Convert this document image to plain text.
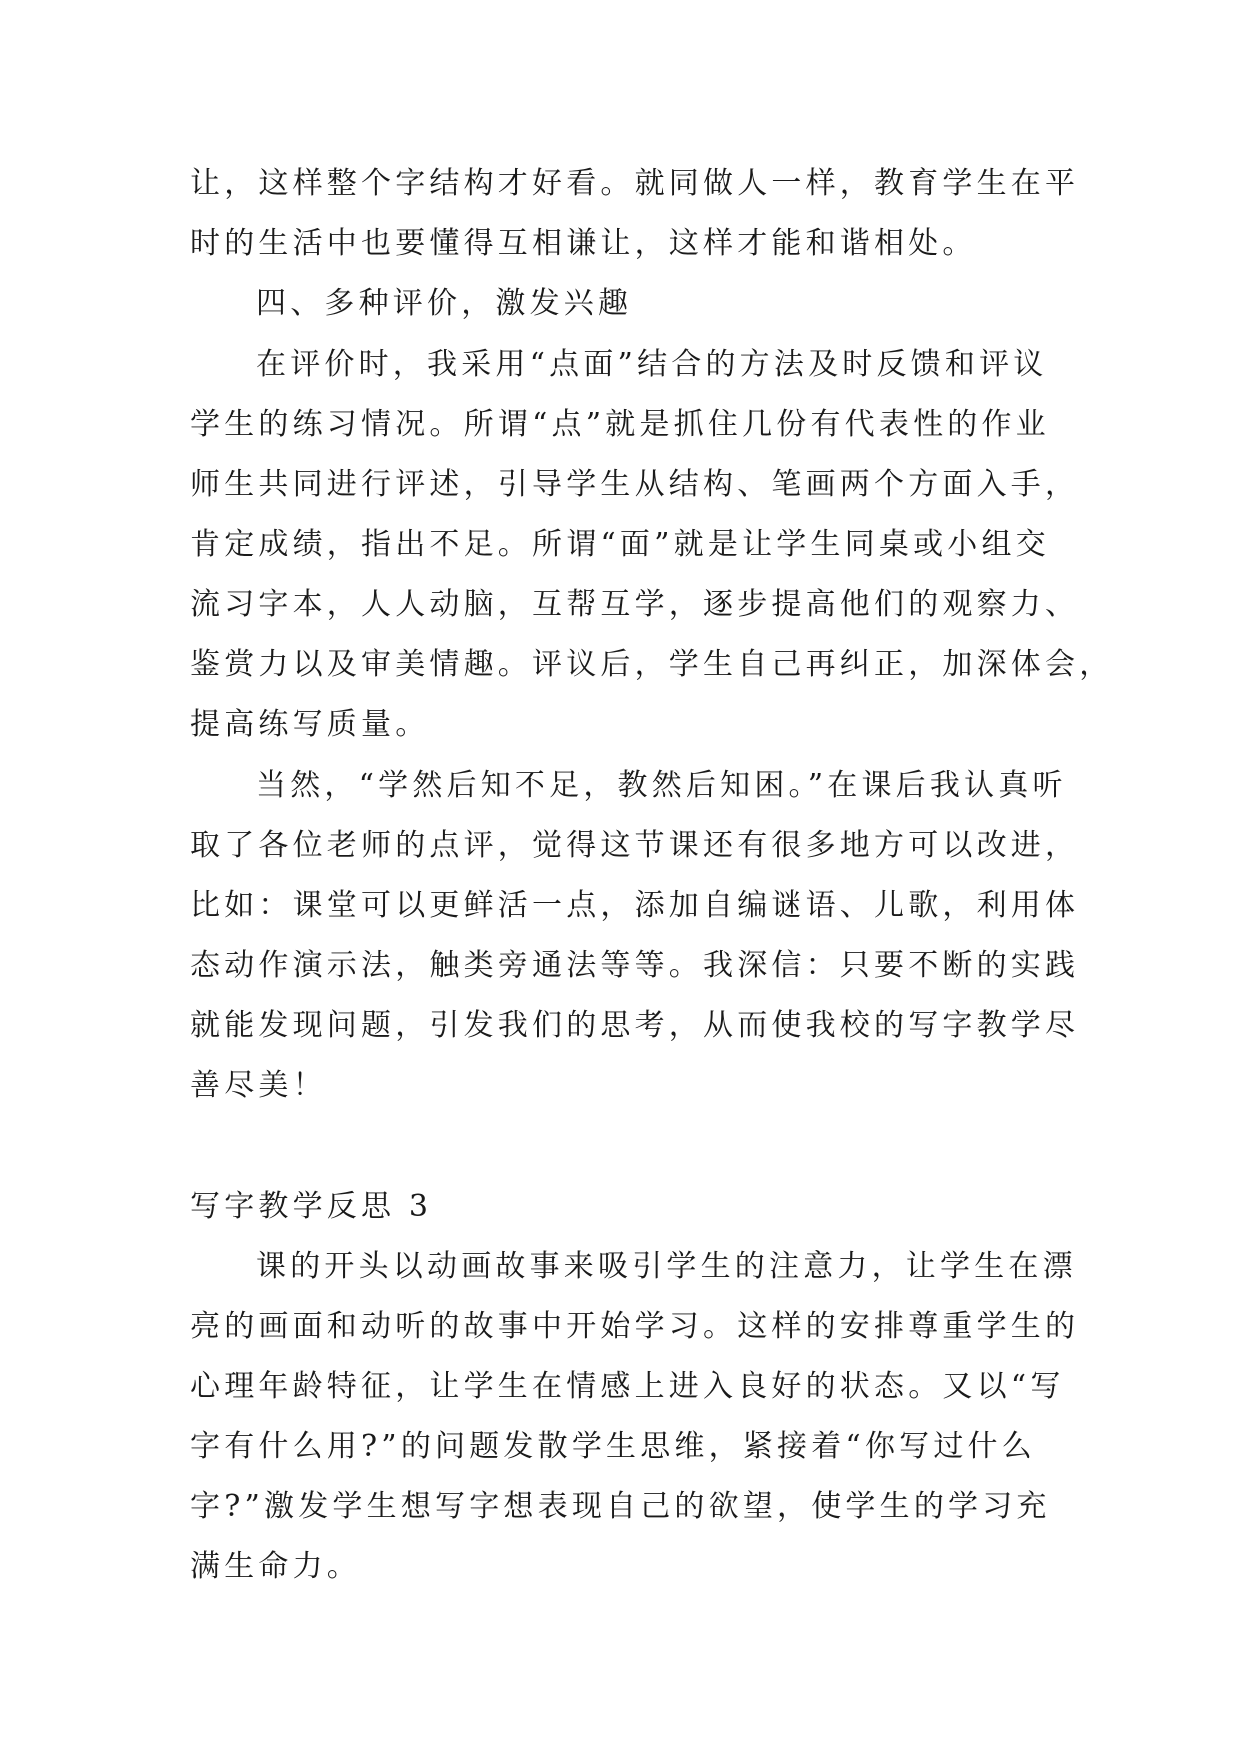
让，这样整个字结构才好看。就同做人一样，教育学生在平
时的生活中也要懂得互相谦让，这样才能和谐相处。
四、多种评价，激发兴趣
在评价时，我采用“点面”结合的方法及时反馈和评议
学生的练习情况。所谓“点”就是抓住几份有代表性的作业
师生共同进行评述，引导学生从结构、笔画两个方面入手，
肯定成绩，指出不足。所谓“面”就是让学生同桌或小组交
流习字本，人人动脑，互帮互学，逐步提高他们的观察力、
鉴赏力以及审美情趣。评议后，学生自己再纠正，加深体会，
提高练写质量。
当然，“学然后知不足，教然后知困。”在课后我认真听
取了各位老师的点评，觉得这节课还有很多地方可以改进，
比如：课堂可以更鲜活一点，添加自编谜语、儿歌，利用体
态动作演示法，触类旁通法等等。我深信：只要不断的实践
就能发现问题，引发我们的思考，从而使我校的写字教学尽
善尽美！
写字教学反思 3
课的开头以动画故事来吸引学生的注意力，让学生在漂
亮的画面和动听的故事中开始学习。这样的安排尊重学生的
心理年龄特征，让学生在情感上进入良好的状态。又以“写
字有什么用?”的问题发散学生思维，紧接着“你写过什么
字?”激发学生想写字想表现自己的欲望，使学生的学习充
满生命力。
